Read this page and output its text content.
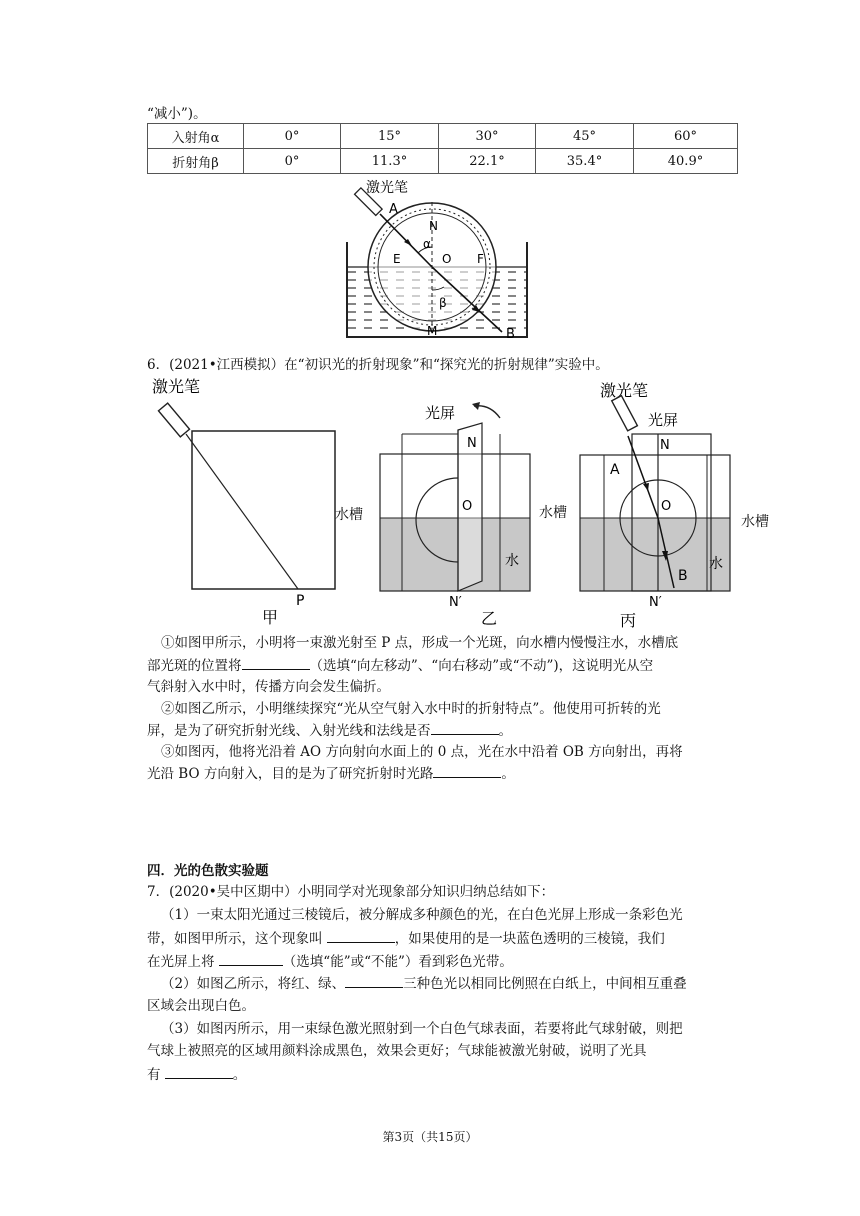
“减小”)。
入射角α	0°	15°	30°	45°	60°
折射角β	0°	11.3°	22.1°	35.4°	40.9°
激光笔
A
N
O
E	F
α
β
M	B
6．(2021•江西模拟）在“初识光的折射现象”和“探究光的折射规律”实验中。
激光笔
P
甲
水槽
光屏
N
O
水
N′
乙
水槽
激光笔
光屏
N
A
O
水
B
N′
丙
水槽
①如图甲所示，小明将一束激光射至 P 点，形成一个光斑，向水槽内慢慢注水，水槽底
部光斑的位置将	（选填“向左移动”、“向右移动”或“不动”)，这说明光从空
气斜射入水中时，传播方向会发生偏折。
②如图乙所示，小明继续探究“光从空气射入水中时的折射特点”。他使用可折转的光
屏，是为了研究折射光线、入射光线和法线是否	。
③如图丙，他将光沿着 AO 方向射向水面上的 0 点，光在水中沿着 OB 方向射出，再将
光沿 BO 方向射入，目的是为了研究折射时光路	。
四．光的色散实验题
7．(2020•吴中区期中）小明同学对光现象部分知识归纳总结如下：
（1）一束太阳光通过三棱镜后，被分解成多种颜色的光，在白色光屏上形成一条彩色光
带，如图甲所示，这个现象叫	，如果使用的是一块蓝色透明的三棱镜，我们
在光屏上将	（选填“能”或“不能”）看到彩色光带。
（2）如图乙所示，将红、绿、	三种色光以相同比例照在白纸上，中间相互重叠
区域会出现白色。
（3）如图丙所示，用一束绿色激光照射到一个白色气球表面，若要将此气球射破，则把
气球上被照亮的区域用颜料涂成黑色，效果会更好；气球能被激光射破，说明了光具
有	。
第3页（共15页）
